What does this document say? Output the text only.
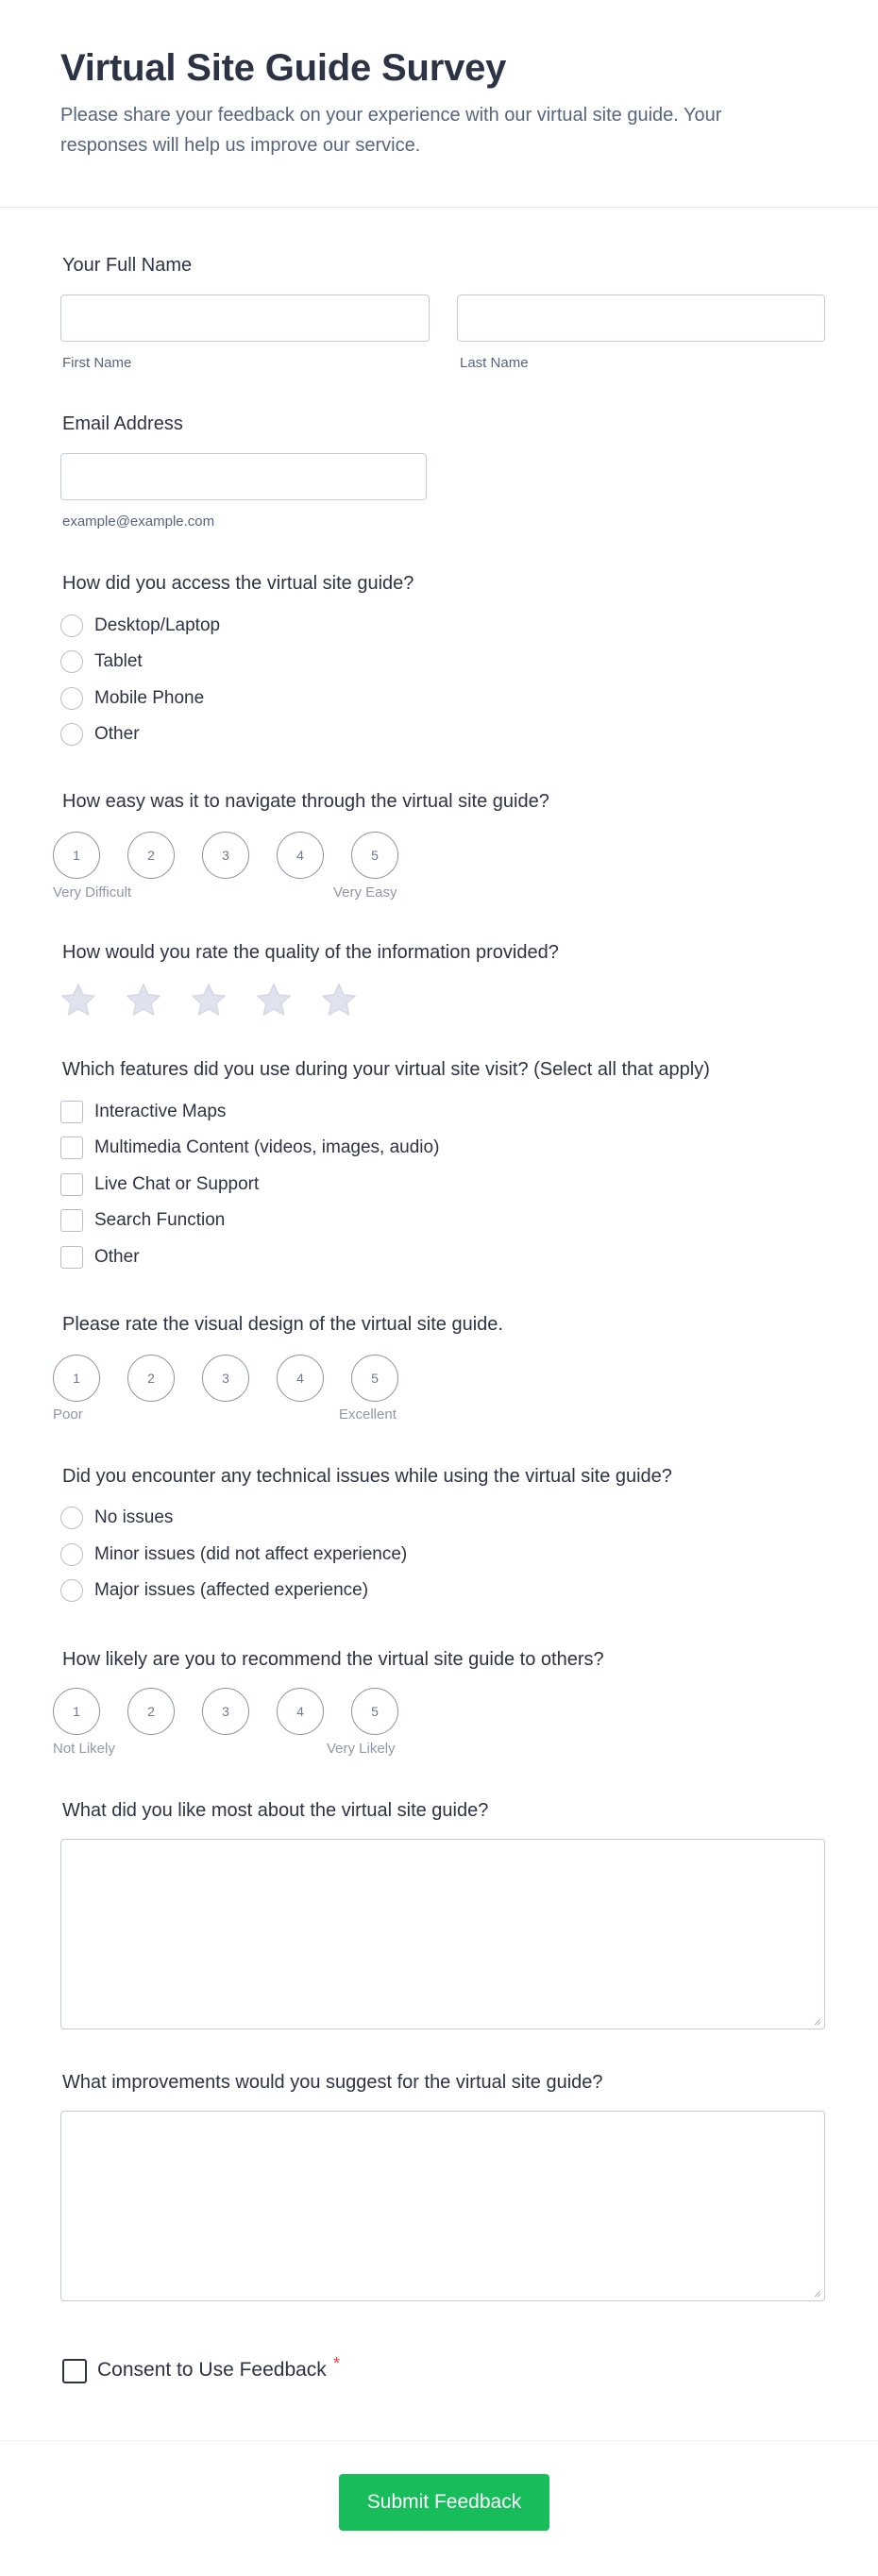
Virtual Site Guide Survey
Please share your feedback on your experience with our virtual site guide. Your responses will help us improve our service.
Your Full Name
First Name	Last Name
Email Address
example@example.com
How did you access the virtual site guide?
Desktop/Laptop
Tablet
Mobile Phone
Other
How easy was it to navigate through the virtual site guide?
1	2	3	4	5
Very Difficult	Very Easy
How would you rate the quality of the information provided?
Which features did you use during your virtual site visit? (Select all that apply)
Interactive Maps
Multimedia Content (videos, images, audio)
Live Chat or Support
Search Function
Other
Please rate the visual design of the virtual site guide.
1	2	3	4	5
Poor	Excellent
Did you encounter any technical issues while using the virtual site guide?
No issues
Minor issues (did not affect experience)
Major issues (affected experience)
How likely are you to recommend the virtual site guide to others?
1	2	3	4	5
Not Likely	Very Likely
What did you like most about the virtual site guide?
What improvements would you suggest for the virtual site guide?
Consent to Use Feedback *
Submit Feedback
